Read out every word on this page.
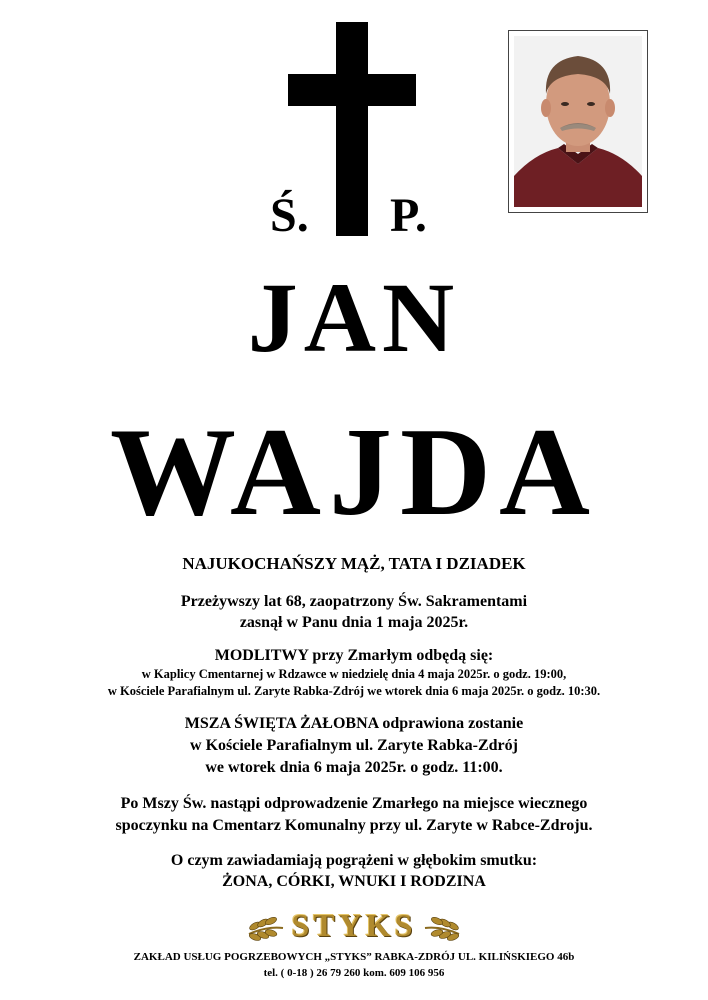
Ś. P.
JAN
WAJDA
NAJUKOCHAŃSZY MĄŻ, TATA I DZIADEK
Przeżywszy lat 68, zaopatrzony Św. Sakramentami
zasnął w Panu dnia 1 maja 2025r.
MODLITWY przy Zmarłym odbędą się:
w Kaplicy Cmentarnej w Rdzawce w niedzielę dnia 4 maja 2025r. o godz. 19:00,
w Kościele Parafialnym ul. Zaryte Rabka-Zdrój we wtorek dnia 6 maja 2025r. o godz. 10:30.
MSZA ŚWIĘTA ŻAŁOBNA odprawiona zostanie
w Kościele Parafialnym ul. Zaryte Rabka-Zdrój
we wtorek dnia 6 maja 2025r. o godz. 11:00.
Po Mszy Św. nastąpi odprowadzenie Zmarłego na miejsce wiecznego
spoczynku na Cmentarz Komunalny przy ul. Zaryte w Rabce-Zdroju.
O czym zawiadamiają pogrążeni w głębokim smutku:
ŻONA, CÓRKI, WNUKI I RODZINA
STYKS
ZAKŁAD USŁUG POGRZEBOWYCH „STYKS” RABKA-ZDRÓJ UL. KILIŃSKIEGO 46b
tel. ( 0-18 ) 26 79 260 kom. 609 106 956
